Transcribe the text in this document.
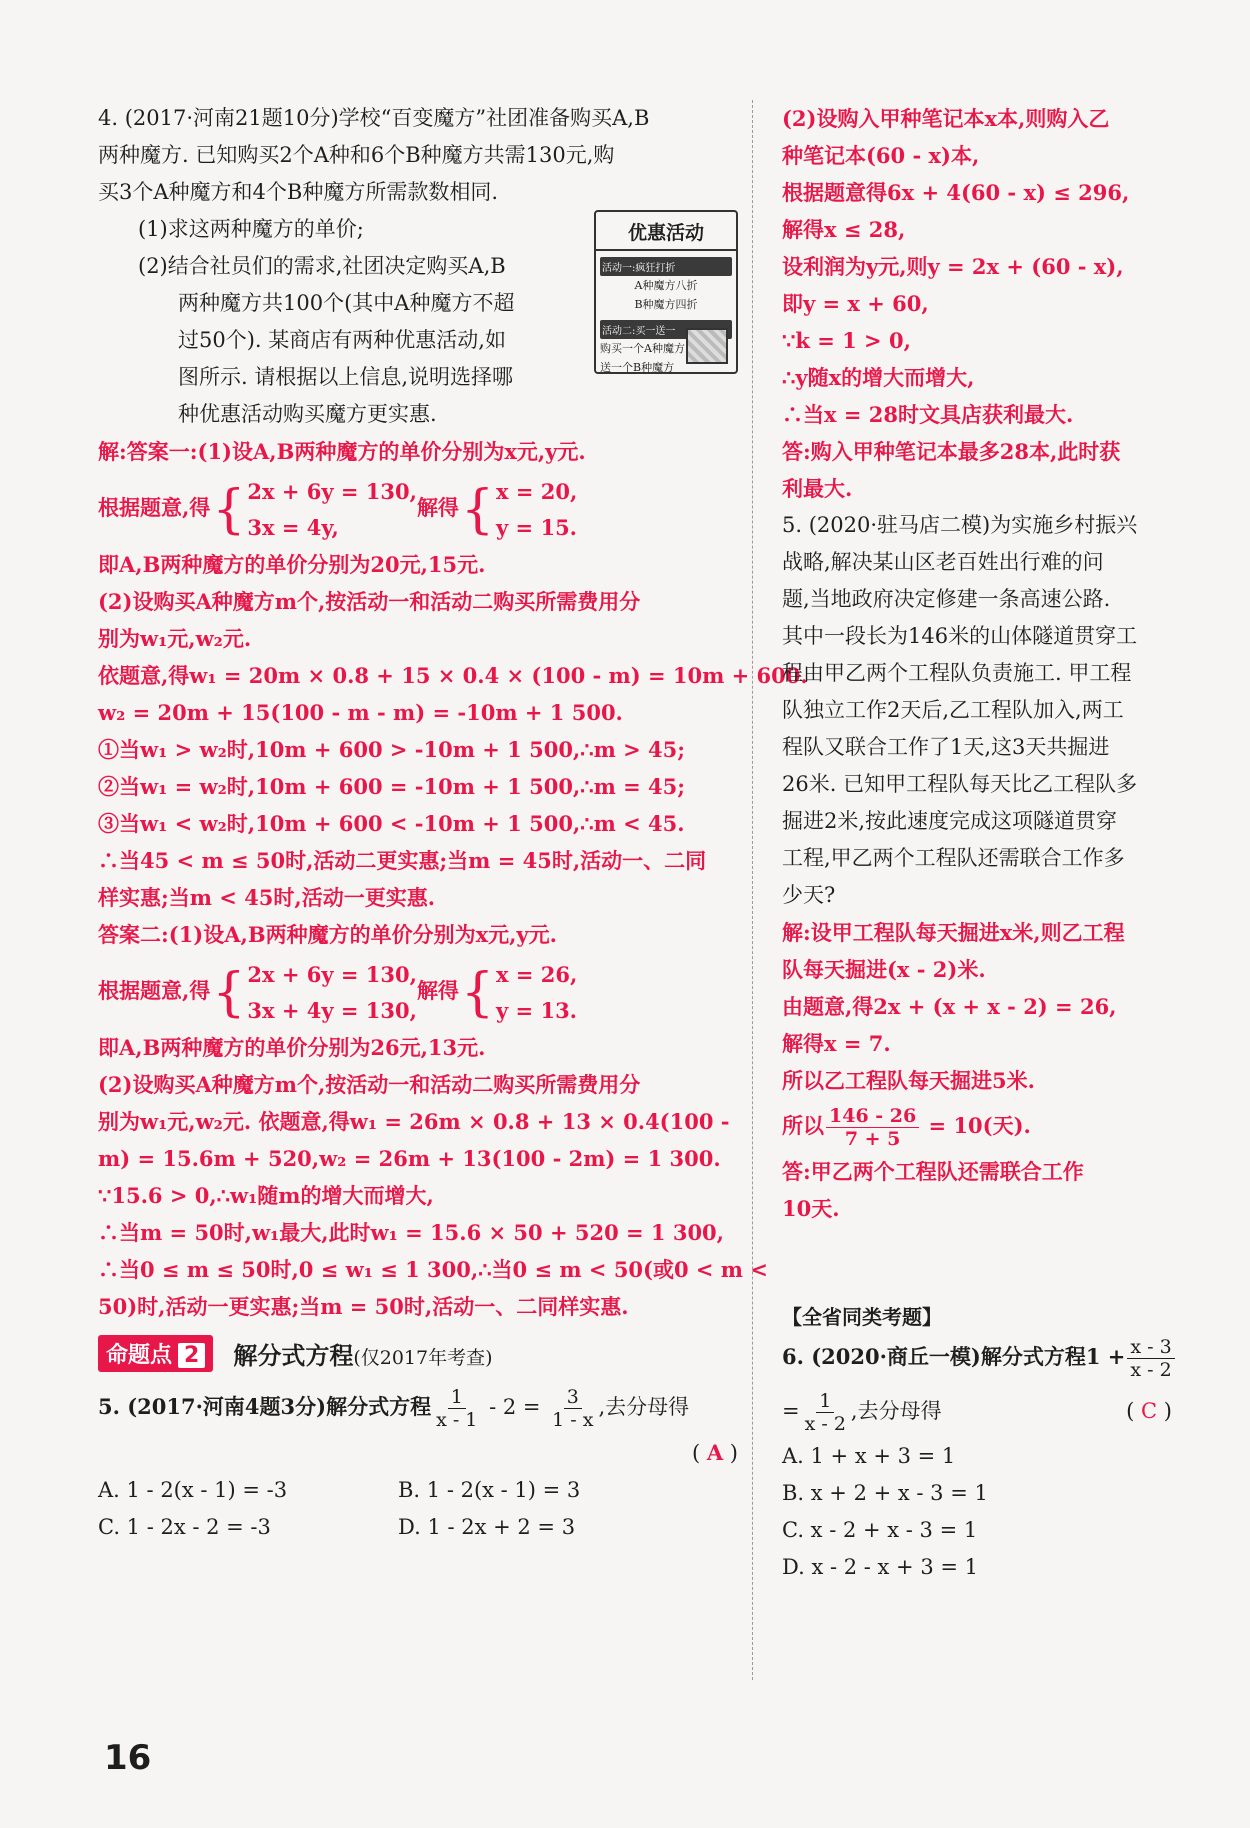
4. (2017·河南21题10分)学校“百变魔方”社团准备购买A,B
两种魔方. 已知购买2个A种和6个B种魔方共需130元,购
买3个A种魔方和4个B种魔方所需款数相同.
(1)求这两种魔方的单价;
(2)结合社员们的需求,社团决定购买A,B
两种魔方共100个(其中A种魔方不超
过50个). 某商店有两种优惠活动,如
图所示. 请根据以上信息,说明选择哪
种优惠活动购买魔方更实惠.
优惠活动
活动一:疯狂打折
A种魔方八折
B种魔方四折
活动二:买一送一
购买一个A种魔方
送一个B种魔方
解:答案一:(1)设A,B两种魔方的单价分别为x元,y元.
根据题意,得 { 2x + 6y = 130,
3x = 4y,
解得 { x = 20,
y = 15.
即A,B两种魔方的单价分别为20元,15元.
(2)设购买A种魔方m个,按活动一和活动二购买所需费用分
别为w₁元,w₂元.
依题意,得w₁ = 20m × 0.8 + 15 × 0.4 × (100 - m) = 10m + 600.
w₂ = 20m + 15(100 - m - m) = -10m + 1 500.
①当w₁ > w₂时,10m + 600 > -10m + 1 500,∴m > 45;
②当w₁ = w₂时,10m + 600 = -10m + 1 500,∴m = 45;
③当w₁ < w₂时,10m + 600 < -10m + 1 500,∴m < 45.
∴当45 < m ≤ 50时,活动二更实惠;当m = 45时,活动一、二同
样实惠;当m < 45时,活动一更实惠.
答案二:(1)设A,B两种魔方的单价分别为x元,y元.
根据题意,得 { 2x + 6y = 130,
3x + 4y = 130,
解得 { x = 26,
y = 13.
即A,B两种魔方的单价分别为26元,13元.
(2)设购买A种魔方m个,按活动一和活动二购买所需费用分
别为w₁元,w₂元. 依题意,得w₁ = 26m × 0.8 + 13 × 0.4(100 -
m) = 15.6m + 520,w₂ = 26m + 13(100 - 2m) = 1 300.
∵15.6 > 0,∴w₁随m的增大而增大,
∴当m = 50时,w₁最大,此时w₁ = 15.6 × 50 + 520 = 1 300,
∴当0 ≤ m ≤ 50时,0 ≤ w₁ ≤ 1 300,∴当0 ≤ m < 50(或0 < m <
50)时,活动一更实惠;当m = 50时,活动一、二同样实惠.
命题点 2	解分式方程(仅2017年考查)
5. (2017·河南4题3分)解分式方程 $\frac{1}{x - 1} - 2 = \frac{3}{1 - x}$ ,去分母得
( A )
A. 1 - 2(x - 1) = -3	B. 1 - 2(x - 1) = 3
C. 1 - 2x - 2 = -3	D. 1 - 2x + 2 = 3
(2)设购入甲种笔记本x本,则购入乙
种笔记本(60 - x)本,
根据题意得6x + 4(60 - x) ≤ 296,
解得x ≤ 28,
设利润为y元,则y = 2x + (60 - x),
即y = x + 60,
∵k = 1 > 0,
∴y随x的增大而增大,
∴当x = 28时文具店获利最大.
答:购入甲种笔记本最多28本,此时获
利最大.
5. (2020·驻马店二模)为实施乡村振兴
战略,解决某山区老百姓出行难的问
题,当地政府决定修建一条高速公路.
其中一段长为146米的山体隧道贯穿工
程由甲乙两个工程队负责施工. 甲工程
队独立工作2天后,乙工程队加入,两工
程队又联合工作了1天,这3天共掘进
26米. 已知甲工程队每天比乙工程队多
掘进2米,按此速度完成这项隧道贯穿
工程,甲乙两个工程队还需联合工作多
少天?
解:设甲工程队每天掘进x米,则乙工程
队每天掘进(x - 2)米.
由题意,得2x + (x + x - 2) = 26,
解得x = 7.
所以乙工程队每天掘进5米.
所以 $\frac{146 - 26}{7 + 5} = 10$(天).
答:甲乙两个工程队还需联合工作
10天.
【全省同类考题】
6. (2020·商丘一模)解分式方程$1 + \frac{x - 3}{x - 2}$
= $\frac{1}{x - 2}$ ,去分母得	( C )
A. 1 + x + 3 = 1
B. x + 2 + x - 3 = 1
C. x - 2 + x - 3 = 1
D. x - 2 - x + 3 = 1
16
